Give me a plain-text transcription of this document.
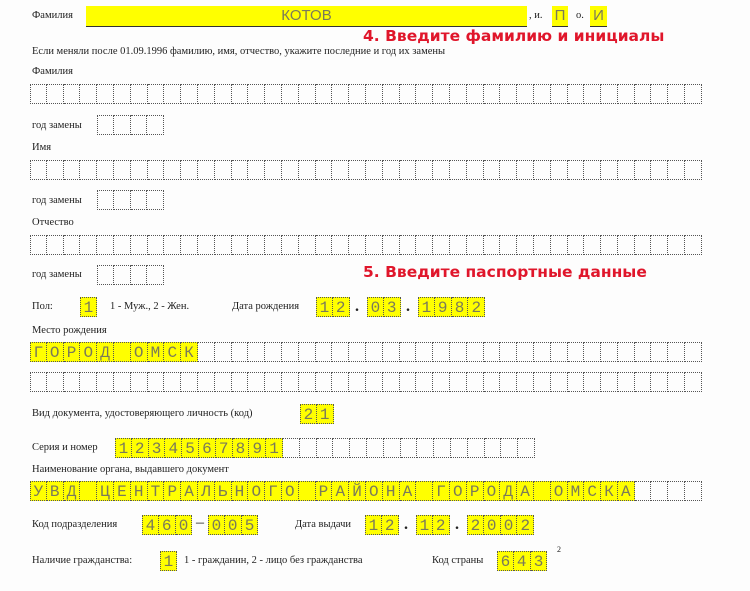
Фамилия	КОТОВ	, и. П о. И
4. Введите фамилию и инициалы
Если меняли после 01.09.1996 фамилию, имя, отчество, укажите последние и год их замены
Фамилия
год замены
Имя
год замены
Отчество
год замены	5. Введите паспортные данные
Пол: 1	1 - Муж., 2 - Жен.	Дата рождения 1 2 . 0 3 . 1 9 8 2
Место рождения
Г О Р О Д О М С К
Вид документа, удостоверяющего личность (код)	2 1
Серия и номер 1 2 3 4 5 6 7 8 9 1
Наименование органа, выдавшего документ
У В Д Ц Е Н Т Р А Л Ь Н О Г О Р А Й О Н А Г О Р О Д А О М С К А
Код подразделения 4 6 0 – 0 0 5	Дата выдачи 1 2 . 1 2 . 2 0 0 2
Наличие гражданства: 1	1 - гражданин, 2 - лицо без гражданства	Код страны 6 4 3
2
